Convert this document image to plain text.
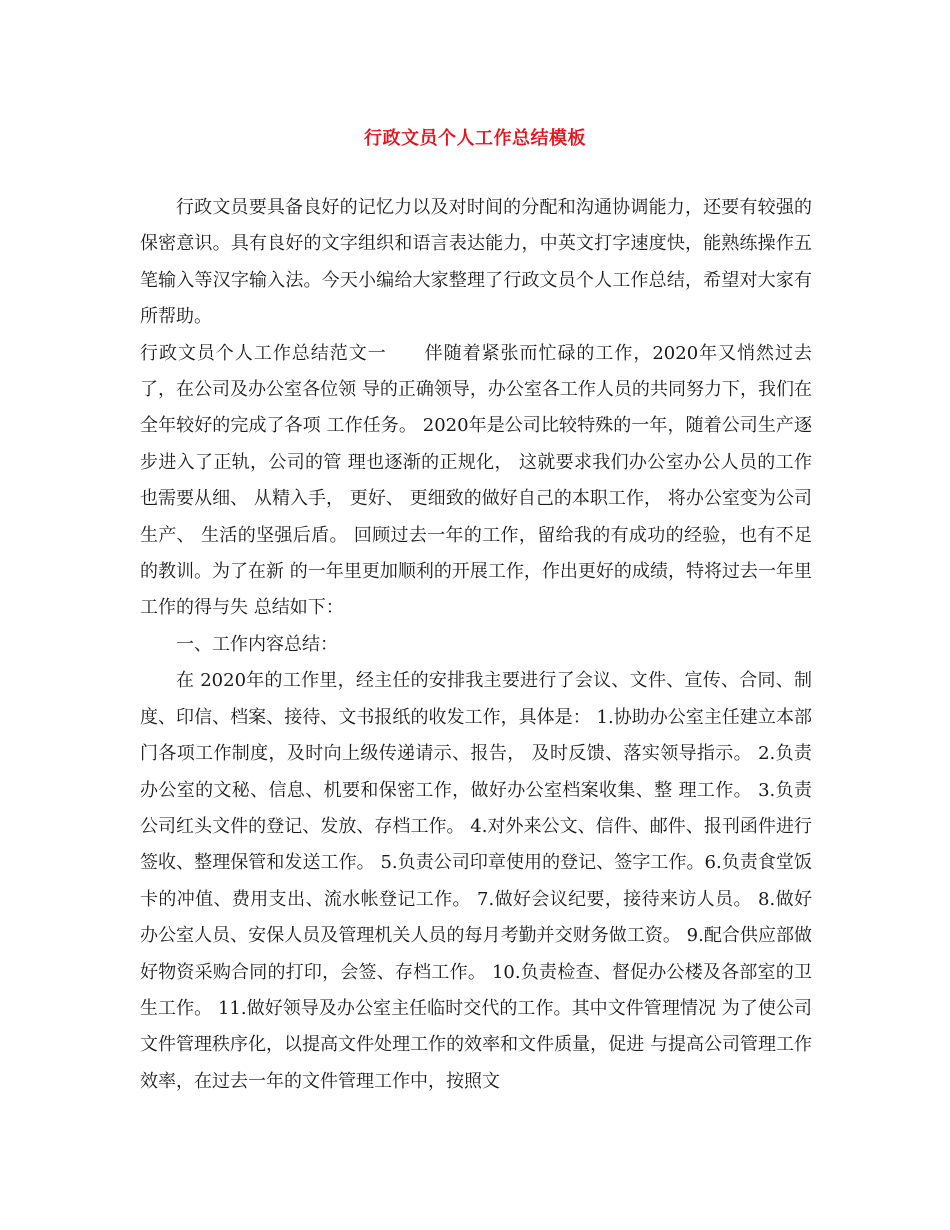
行政文员个人工作总结模板

行政文员要具备良好的记忆力以及对时间的分配和沟通协调能力，还要有较强的保密意识。具有良好的文字组织和语言表达能力，中英文打字速度快，能熟练操作五笔输入等汉字输入法。今天小编给大家整理了行政文员个人工作总结，希望对大家有所帮助。

行政文员个人工作总结范文一　　伴随着紧张而忙碌的工作，2020年又悄然过去了，在公司及办公室各位领 导的正确领导，办公室各工作人员的共同努力下，我们在全年较好的完成了各项 工作任务。 2020年是公司比较特殊的一年，随着公司生产逐步进入了正轨，公司的管 理也逐渐的正规化， 这就要求我们办公室办公人员的工作也需要从细、 从精入手， 更好、 更细致的做好自己的本职工作， 将办公室变为公司生产、 生活的坚强后盾。 回顾过去一年的工作，留给我的有成功的经验，也有不足的教训。为了在新 的一年里更加顺利的开展工作，作出更好的成绩，特将过去一年里工作的得与失 总结如下：

一、工作内容总结：

在 2020年的工作里，经主任的安排我主要进行了会议、文件、宣传、合同、制度、印信、档案、接待、文书报纸的收发工作，具体是： 1.协助办公室主任建立本部门各项工作制度，及时向上级传递请示、报告， 及时反馈、落实领导指示。 2.负责办公室的文秘、信息、机要和保密工作，做好办公室档案收集、整 理工作。 3.负责公司红头文件的登记、发放、存档工作。 4.对外来公文、信件、邮件、报刊函件进行签收、整理保管和发送工作。 5.负责公司印章使用的登记、签字工作。6.负责食堂饭卡的冲值、费用支出、流水帐登记工作。 7.做好会议纪要，接待来访人员。 8.做好办公室人员、安保人员及管理机关人员的每月考勤并交财务做工资。 9.配合供应部做好物资采购合同的打印，会签、存档工作。 10.负责检查、督促办公楼及各部室的卫生工作。 11.做好领导及办公室主任临时交代的工作。其中文件管理情况 为了使公司文件管理秩序化，以提高文件处理工作的效率和文件质量，促进 与提高公司管理工作效率，在过去一年的文件管理工作中，按照文
